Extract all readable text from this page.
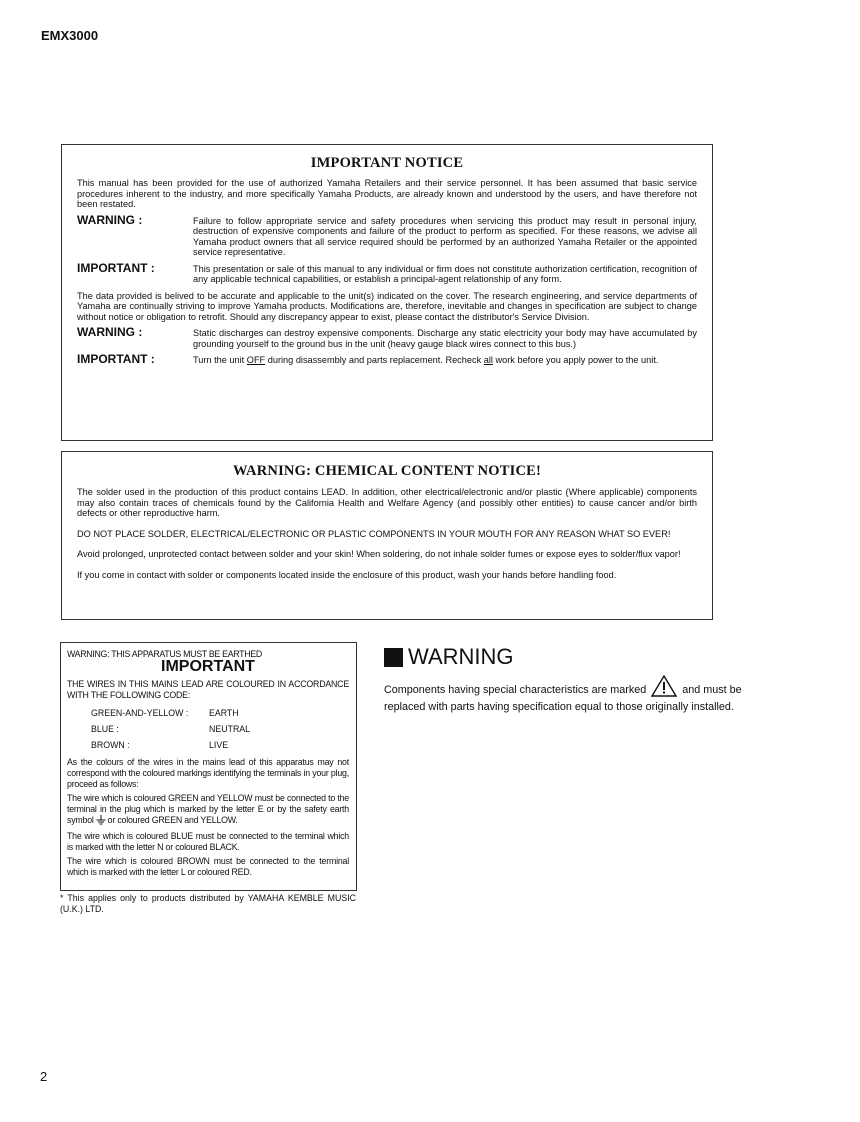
EMX3000
IMPORTANT NOTICE

This manual has been provided for the use of authorized Yamaha Retailers and their service personnel. It has been assumed that basic service procedures inherent to the industry, and more specifically Yamaha Products, are already known and understood by the users, and have therefore not been restated.

WARNING :	Failure to follow appropriate service and safety procedures when servicing this product may result in personal injury, destruction of expensive components and failure of the product to perform as specified. For these reasons, we advise all Yamaha product owners that all service required should be performed by an authorized Yamaha Retailer or the appointed service representative.
IMPORTANT :	This presentation or sale of this manual to any individual or firm does not constitute authorization certification, recognition of any applicable technical capabilities, or establish a principal-agent relationship of any form.

The data provided is belived to be accurate and applicable to the unit(s) indicated on the cover. The research engineering, and service departments of Yamaha are continually striving to improve Yamaha products. Modifications are, therefore, inevitable and changes in specification are subject to change without notice or obligation to retrofit. Should any discrepancy appear to exist, please contact the distributor's Service Division.

WARNING :	Static discharges can destroy expensive components. Discharge any static electricity your body may have accumulated by grounding yourself to the ground bus in the unit (heavy gauge black wires connect to this bus.)
IMPORTANT :	Turn the unit OFF during disassembly and parts replacement. Recheck all work before you apply power to the unit.
WARNING: CHEMICAL CONTENT NOTICE!

The solder used in the production of this product contains LEAD. In addition, other electrical/electronic and/or plastic (Where applicable) components may also contain traces of chemicals found by the California Health and Welfare Agency (and possibly other entities) to cause cancer and/or birth defects or other reproductive harm.

DO NOT PLACE SOLDER, ELECTRICAL/ELECTRONIC OR PLASTIC COMPONENTS IN YOUR MOUTH FOR ANY REASON WHAT SO EVER!

Avoid prolonged, unprotected contact between solder and your skin! When soldering, do not inhale solder fumes or expose eyes to solder/flux vapor!

If you come in contact with solder or components located inside the enclosure of this product, wash your hands before handling food.

WARNING: THIS APPARATUS MUST BE EARTHED
IMPORTANT
THE WIRES IN THIS MAINS LEAD ARE COLOURED IN ACCORDANCE WITH THE FOLLOWING CODE:
GREEN-AND-YELLOW :	EARTH
BLUE :	NEUTRAL
BROWN :	LIVE
As the colours of the wires in the mains lead of this apparatus may not correspond with the coloured markings identifying the terminals in your plug, proceed as follows:
The wire which is coloured GREEN and YELLOW must be connected to the terminal in the plug which is marked by the letter E or by the safety earth symbol or coloured GREEN and YELLOW.
The wire which is coloured BLUE must be connected to the terminal which is marked with the letter N or coloured BLACK.
The wire which is coloured BROWN must be connected to the terminal which is marked with the letter L or coloured RED.
* This applies only to products distributed by YAMAHA KEMBLE MUSIC (U.K.) LTD.
WARNING
Components having special characteristics are marked	and must be replaced with parts having specification equal to those originally installed.
2
